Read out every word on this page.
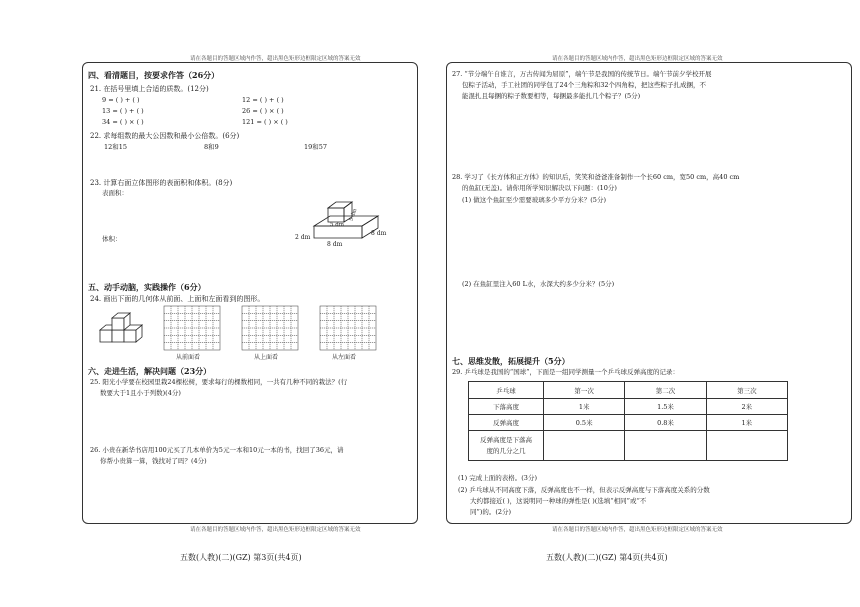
请在各题目的答题区域内作答，超出黑色矩形边框限定区域的答案无效
请在各题目的答题区域内作答，超出黑色矩形边框限定区域的答案无效
五数(人教)(二)(GZ) 第3页(共4页)
四、看清题目，按要求作答（26分）
21. 在括号里填上合适的质数。(12分)
9 = ( ) + ( )	12 = ( ) + ( )
13 = ( ) + ( )	26 = ( ) × ( )
34 = ( ) × ( )	121 = ( ) × ( )
22. 求每组数的最大公因数和最小公倍数。(6分)
12和15	8和9	19和57
23. 计算右面立体图形的表面积和体积。(8分)
表面积：
体积：
5 dm
5 dm
8 dm
2 dm
8 dm
五、动手动脑，实践操作（6分）
24. 画出下面的几何体从前面、上面和左面看到的图形。
从前面看	从上面看	从左面看
六、走进生活，解决问题（23分）
25. 阳光小学要在校园里栽24棵松树，要求每行的棵数相同，一共有几种不同的栽法？(行
数要大于1且小于列数)(4分)
26. 小贵在新华书店用100元买了几本单价为5元一本和10元一本的书，找回了36元，请
你帮小贵算一算，钱找对了吗？(4分)
请在各题目的答题区域内作答，超出黑色矩形边框限定区域的答案无效
请在各题目的答题区域内作答，超出黑色矩形边框限定区域的答案无效
五数(人教)(二)(GZ) 第4页(共4页)
27. “节分端午自谁言，万古传闻为屈原”，端午节是我国的传统节日。端午节前夕学校开展
包粽子活动，手工社团的同学包了24个三角粽和32个四角粽，把这些粽子扎成捆，不
能混扎且每捆的粽子数要相等，每捆最多能扎几个粽子？(5分)
28. 学习了《长方体和正方体》的知识后，笑笑和爸爸准备制作一个长60 cm，宽50 cm，高40 cm
的鱼缸(无盖)。请你用所学知识解决以下问题：(10分)
(1) 做这个鱼缸至少需要玻璃多少平方分米？(5分)
(2) 在鱼缸里注入60 L水，水深大约多少分米？(5分)
七、思维发散，拓展提升（5分）
29. 乒乓球是我国的“国球”，下面是一组同学测量一个乒乓球反弹高度的记录：
乒乓球	第一次	第二次	第三次
下落高度	1米	1.5米	2米
反弹高度	0.5米	0.8米	1米
反弹高度是下落高
度的几分之几			
(1) 完成上面的表格。(3分)
(2) 乒乓球从不同高度下落，反弹高度也不一样，但表示反弹高度与下落高度关系的分数
大约都接近( )，这说明同一种球的弹性是( )(选填“相同”或“不
同”)的。(2分)
